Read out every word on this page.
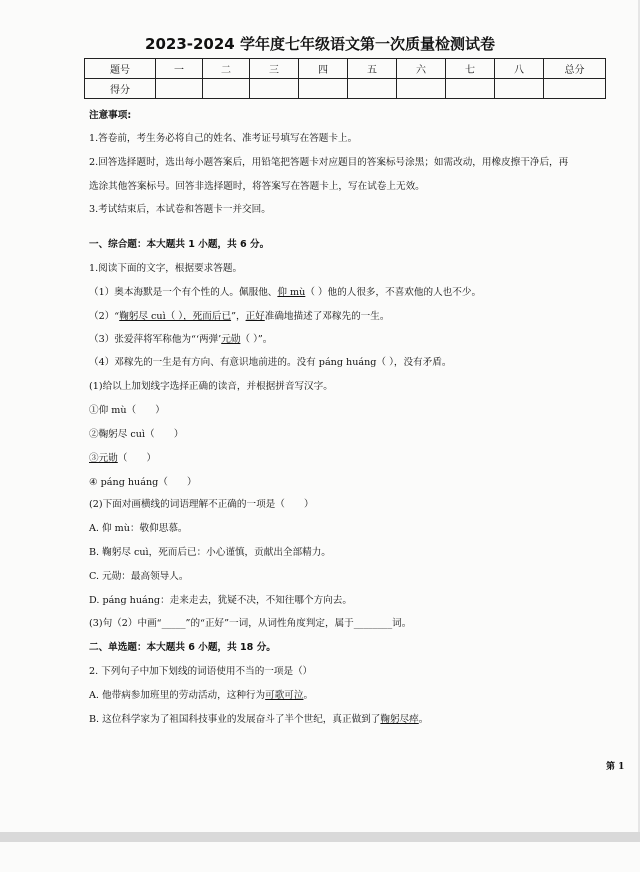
2023-2024 学年度七年级语文第一次质量检测试卷
题号	一	二	三	四	五	六	七	八	总分
得分									
注意事项:
1.答卷前，考生务必将自己的姓名、准考证号填写在答题卡上。
2.回答选择题时，选出每小题答案后，用铅笔把答题卡对应题目的答案标号涂黑；如需改动，用橡皮擦干净后，再
选涂其他答案标号。回答非选择题时，将答案写在答题卡上，写在试卷上无效。
3.考试结束后，本试卷和答题卡一并交回。
一、综合题：本大题共 1 小题，共 6 分。
1.阅读下面的文字，根据要求答题。
（1）奥本海默是一个有个性的人。佩服他、仰 mù（ ）他的人很多，不喜欢他的人也不少。
（2）“鞠躬尽 cuì（ ），死而后已”，正好准确地描述了邓稼先的一生。
（3）张爱萍将军称他为“‘两弹’元勋（ ）”。
（4）邓稼先的一生是有方向、有意识地前进的。没有 páng huáng（ ），没有矛盾。
(1)给以上加划线字选择正确的读音，并根据拼音写汉字。
①仰 mù（　　）
②鞠躬尽 cuì（　　）
③元勋（　　）
④ páng huáng（　　）
(2)下面对画横线的词语理解不正确的一项是（　　）
A. 仰 mù：敬仰思慕。
B. 鞠躬尽 cuì，死而后已：小心谨慎，贡献出全部精力。
C. 元勋：最高领导人。
D. páng huáng：走来走去，犹疑不决，不知往哪个方向去。
(3)句（2）中画“_____”的“正好”一词，从词性角度判定，属于________词。
二、单选题：本大题共 6 小题，共 18 分。
2. 下列句子中加下划线的词语使用不当的一项是（）
A. 他带病参加班里的劳动活动，这种行为可歌可泣。
B. 这位科学家为了祖国科技事业的发展奋斗了半个世纪，真正做到了鞠躬尽瘁。
第 1
